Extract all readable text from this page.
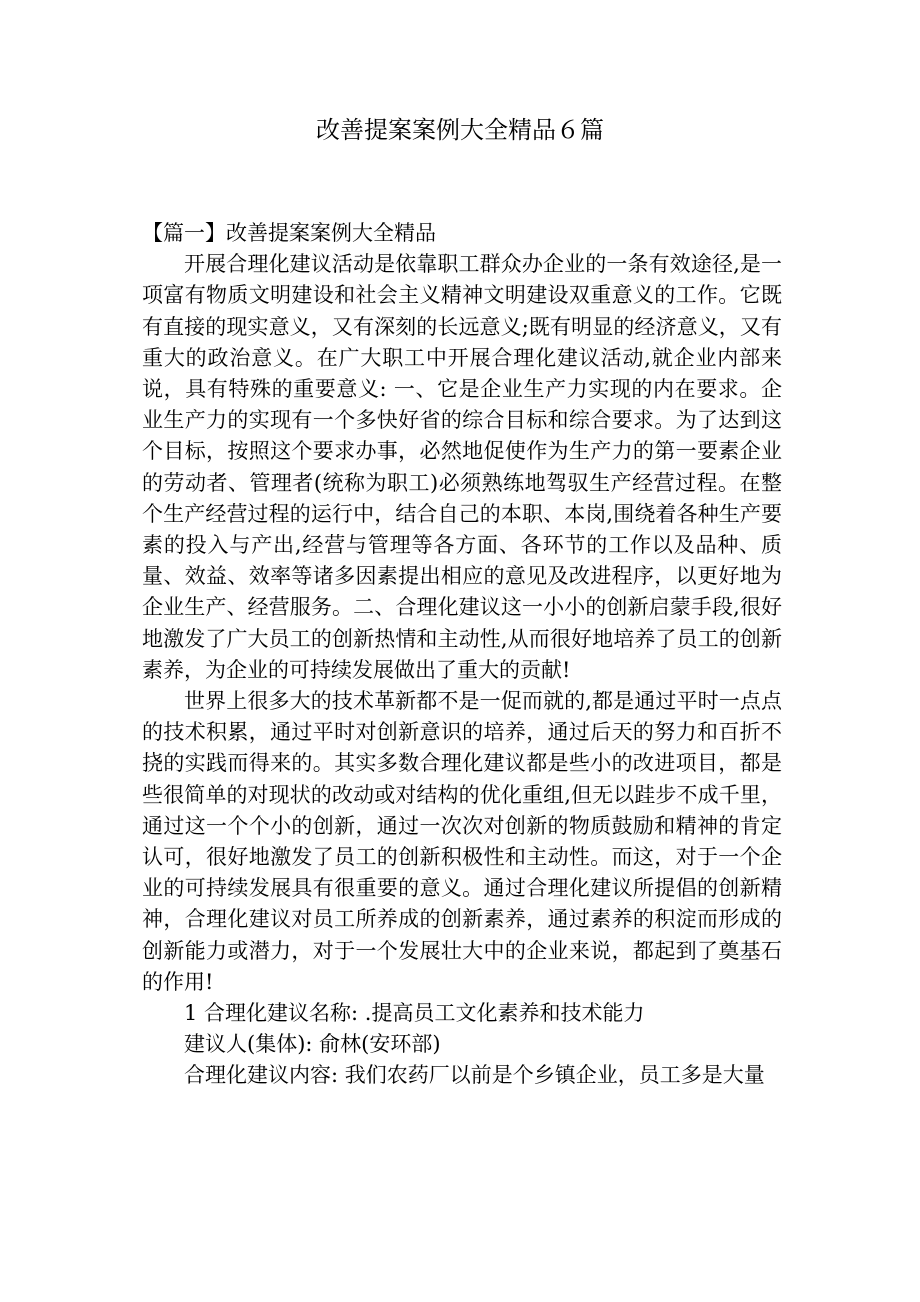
改善提案案例大全精品６篇
【篇一】改善提案案例大全精品

开展合理化建议活动是依靠职工群众办企业的一条有效途径,是一项富有物质文明建设和社会主义精神文明建设双重意义的工作。它既有直接的现实意义，又有深刻的长远意义;既有明显的经济意义，又有重大的政治意义。在广大职工中开展合理化建议活动,就企业内部来说，具有特殊的重要意义: 一、它是企业生产力实现的内在要求。企业生产力的实现有一个多快好省的综合目标和综合要求。为了达到这个目标，按照这个要求办事，必然地促使作为生产力的第一要素企业的劳动者、管理者(统称为职工)必须熟练地驾驭生产经营过程。在整个生产经营过程的运行中，结合自己的本职、本岗,围绕着各种生产要素的投入与产出,经营与管理等各方面、各环节的工作以及品种、质量、效益、效率等诸多因素提出相应的意见及改进程序，以更好地为企业生产、经营服务。二、合理化建议这一小小的创新启蒙手段,很好地激发了广大员工的创新热情和主动性,从而很好地培养了员工的创新素养，为企业的可持续发展做出了重大的贡献!

世界上很多大的技术革新都不是一促而就的,都是通过平时一点点的技术积累，通过平时对创新意识的培养，通过后天的努力和百折不挠的实践而得来的。其实多数合理化建议都是些小的改进项目，都是些很简单的对现状的改动或对结构的优化重组,但无以跬步不成千里，通过这一个个小的创新，通过一次次对创新的物质鼓励和精神的肯定认可，很好地激发了员工的创新积极性和主动性。而这，对于一个企业的可持续发展具有很重要的意义。通过合理化建议所提倡的创新精神，合理化建议对员工所养成的创新素养，通过素养的积淀而形成的创新能力或潜力，对于一个发展壮大中的企业来说，都起到了奠基石的作用!

1 合理化建议名称: .提高员工文化素养和技术能力

建议人(集体): 俞林(安环部)

合理化建议内容: 我们农药厂以前是个乡镇企业，员工多是大量
